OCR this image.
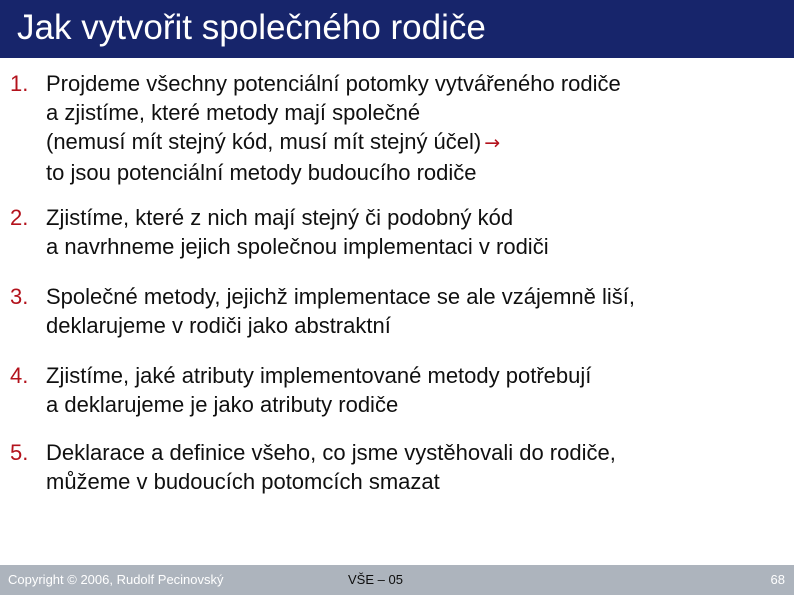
Jak vytvořit společného rodiče
1. Projdeme všechny potenciální potomky vytvářeného rodiče
a zjistíme, které metody mají společné
(nemusí mít stejný kód, musí mít stejný účel) →
to jsou potenciální metody budoucího rodiče
2. Zjistíme, které z nich mají stejný či podobný kód
a navrhneme jejich společnou implementaci v rodiči
3. Společné metody, jejichž implementace se ale vzájemně liší,
deklarujeme v rodiči jako abstraktní
4. Zjistíme, jaké atributy implementované metody potřebují
a deklarujeme je jako atributy rodiče
5. Deklarace a definice všeho, co jsme vystěhovali do rodiče,
můžeme v budoucích potomcích smazat
Copyright © 2006, Rudolf Pecinovský	VŠE – 05	68
